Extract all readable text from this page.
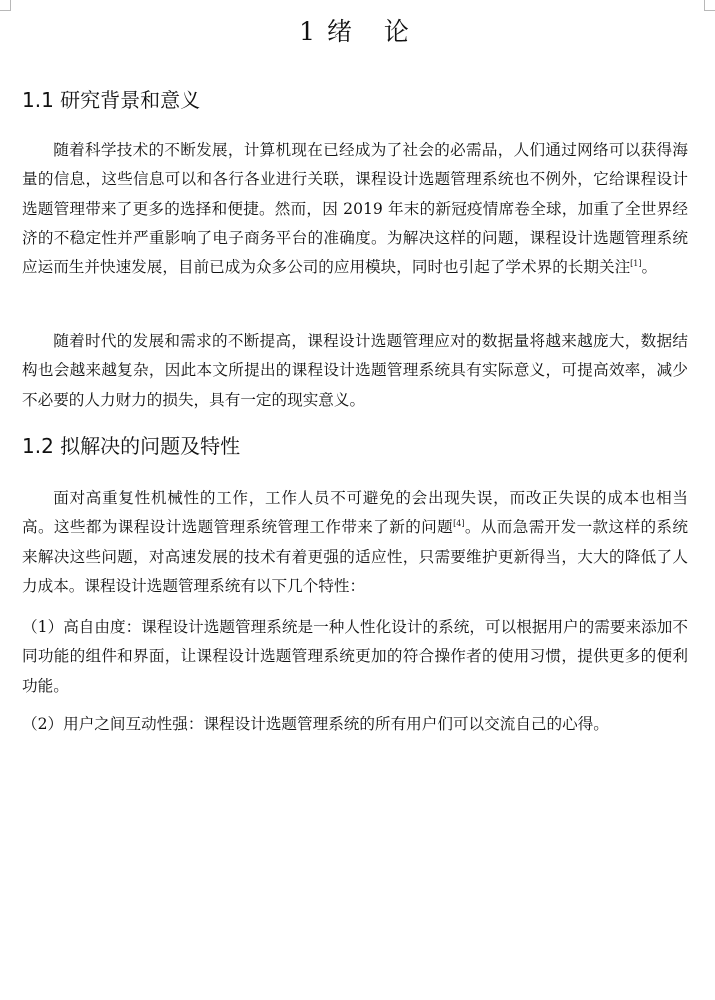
1 绪   论
1.1 研究背景和意义

随着科学技术的不断发展，计算机现在已经成为了社会的必需品，人们通过网络可以获得海量的信息，这些信息可以和各行各业进行关联，课程设计选题管理系统也不例外，它给课程设计选题管理带来了更多的选择和便捷。然而，因 2019 年末的新冠疫情席卷全球，加重了全世界经济的不稳定性并严重影响了电子商务平台的准确度。为解决这样的问题，课程设计选题管理系统应运而生并快速发展，目前已成为众多公司的应用模块，同时也引起了学术界的长期关注[1]。

随着时代的发展和需求的不断提高，课程设计选题管理应对的数据量将越来越庞大，数据结构也会越来越复杂，因此本文所提出的课程设计选题管理系统具有实际意义，可提高效率，减少不必要的人力财力的损失，具有一定的现实意义。

1.2 拟解决的问题及特性

面对高重复性机械性的工作，工作人员不可避免的会出现失误，而改正失误的成本也相当高。这些都为课程设计选题管理系统管理工作带来了新的问题[4]。从而急需开发一款这样的系统来解决这些问题，对高速发展的技术有着更强的适应性，只需要维护更新得当，大大的降低了人力成本。课程设计选题管理系统有以下几个特性：

（1）高自由度：课程设计选题管理系统是一种人性化设计的系统，可以根据用户的需要来添加不同功能的组件和界面，让课程设计选题管理系统更加的符合操作者的使用习惯，提供更多的便利功能。

（2）用户之间互动性强：课程设计选题管理系统的所有用户们可以交流自己的心得。
